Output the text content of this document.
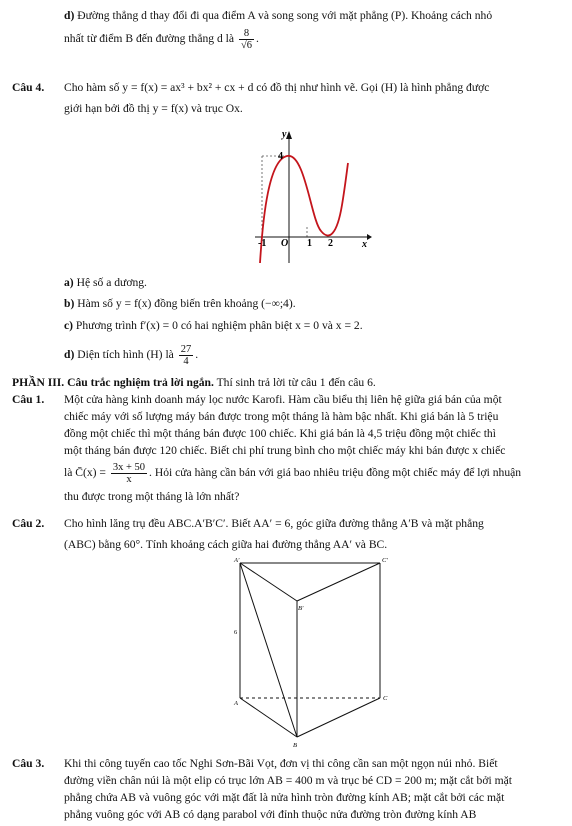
d) Đường thẳng d thay đổi đi qua điểm A và song song với mặt phẳng (P). Khoảng cách nhỏ
nhất từ điểm B đến đường thẳng d là $\frac{8}{√6}$ .
Câu 4. Cho hàm số y = f(x) = ax³ + bx² + cx + d có đồ thị như hình vẽ. Gọi (H) là hình phẳng được
giới hạn bởi đồ thị y = f(x) và trục Ox.
y
x
4
O
-1	1 2
a) Hệ số a dương.
b) Hàm số y = f(x) đồng biến trên khoảng (−∞;4).
c) Phương trình f′(x) = 0 có hai nghiệm phân biệt x = 0 và x = 2.
d) Diện tích hình (H) là $\frac{27}{4}$ .
PHẦN III. Câu trắc nghiệm trả lời ngắn. Thí sinh trả lời từ câu 1 đến câu 6.
Câu 1. Một cửa hàng kinh doanh máy lọc nước Karofi. Hàm cầu biểu thị liên hệ giữa giá bán của một
chiếc máy với số lượng máy bán được trong một tháng là hàm bậc nhất. Khi giá bán là 5 triệu
đồng một chiếc thì một tháng bán được 100 chiếc. Khi giá bán là 4,5 triệu đồng một chiếc thì
một tháng bán được 120 chiếc. Biết chi phí trung bình cho một chiếc máy khi bán được x chiếc
là C̄(x) = $\frac{3x + 50}{x}$ . Hỏi cửa hàng cần bán với giá bao nhiêu triệu đồng một chiếc máy để lợi nhuận
thu được trong một tháng là lớn nhất?
Câu 2. Cho hình lăng trụ đều ABC.A′B′C′. Biết AA′ = 6, góc giữa đường thẳng A′B và mặt phẳng
(ABC) bằng 60°. Tính khoảng cách giữa hai đường thẳng AA′ và BC.
A'	C'
B'
6
A
C
B
Câu 3. Khi thi công tuyến cao tốc Nghi Sơn-Bãi Vọt, đơn vị thi công cần san một ngọn núi nhỏ. Biết
đường viền chân núi là một elip có trục lớn AB = 400 m và trục bé CD = 200 m; mặt cắt bởi mặt
phẳng chứa AB và vuông góc với mặt đất là nửa hình tròn đường kính AB; mặt cắt bởi các mặt
phẳng vuông góc với AB có dạng parabol với đỉnh thuộc nửa đường tròn đường kính AB
